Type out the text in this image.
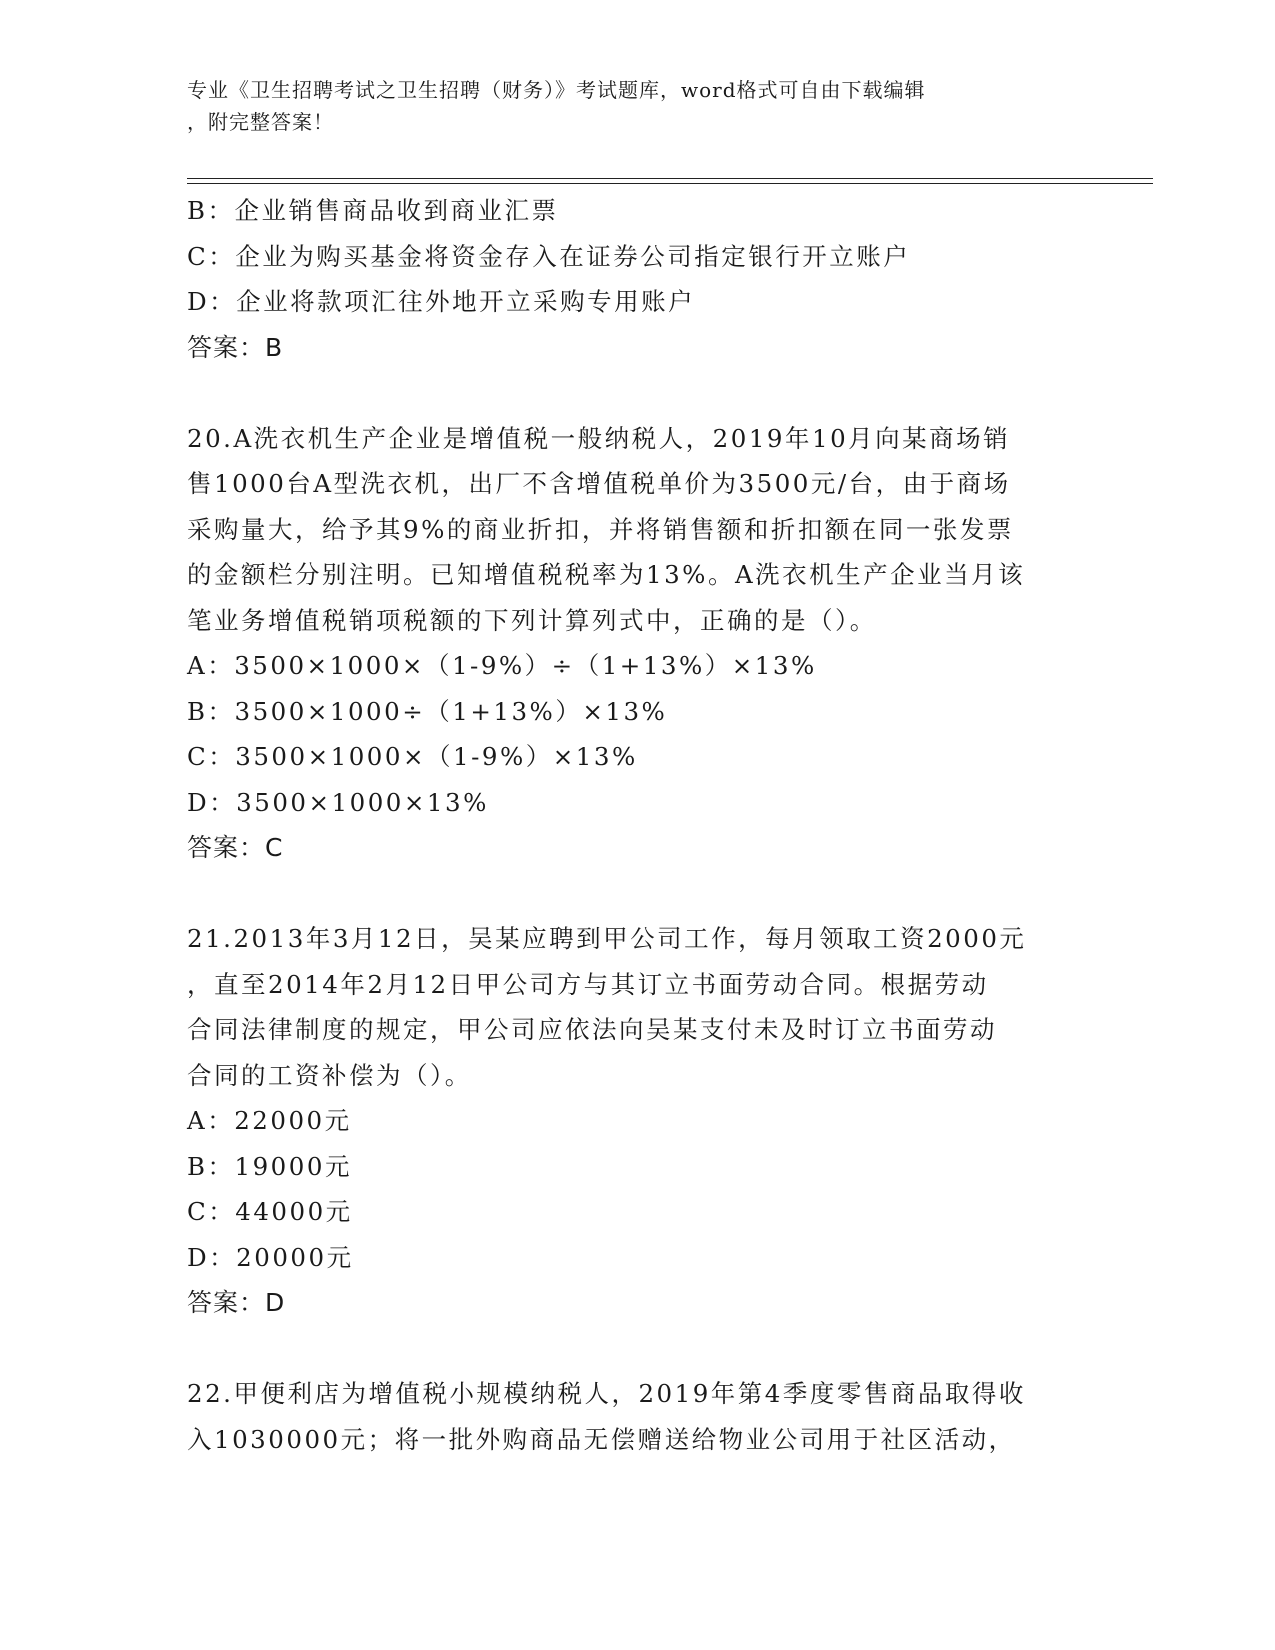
专业《卫生招聘考试之卫生招聘（财务）》考试题库，word格式可自由下载编辑
，附完整答案！
B：企业销售商品收到商业汇票
C：企业为购买基金将资金存入在证券公司指定银行开立账户
D：企业将款项汇往外地开立采购专用账户
答案：B
20.A洗衣机生产企业是增值税一般纳税人，2019年10月向某商场销
售1000台A型洗衣机，出厂不含增值税单价为3500元/台，由于商场
采购量大，给予其9%的商业折扣，并将销售额和折扣额在同一张发票
的金额栏分别注明。已知增值税税率为13%。A洗衣机生产企业当月该
笔业务增值税销项税额的下列计算列式中，正确的是（）。
A：3500×1000×（1-9%）÷（1+13%）×13%
B：3500×1000÷（1+13%）×13%
C：3500×1000×（1-9%）×13%
D：3500×1000×13%
答案：C
21.2013年3月12日，吴某应聘到甲公司工作，每月领取工资2000元
，直至2014年2月12日甲公司方与其订立书面劳动合同。根据劳动
合同法律制度的规定，甲公司应依法向吴某支付未及时订立书面劳动
合同的工资补偿为（）。
A：22000元
B：19000元
C：44000元
D：20000元
答案：D
22.甲便利店为增值税小规模纳税人，2019年第4季度零售商品取得收
入1030000元；将一批外购商品无偿赠送给物业公司用于社区活动，
